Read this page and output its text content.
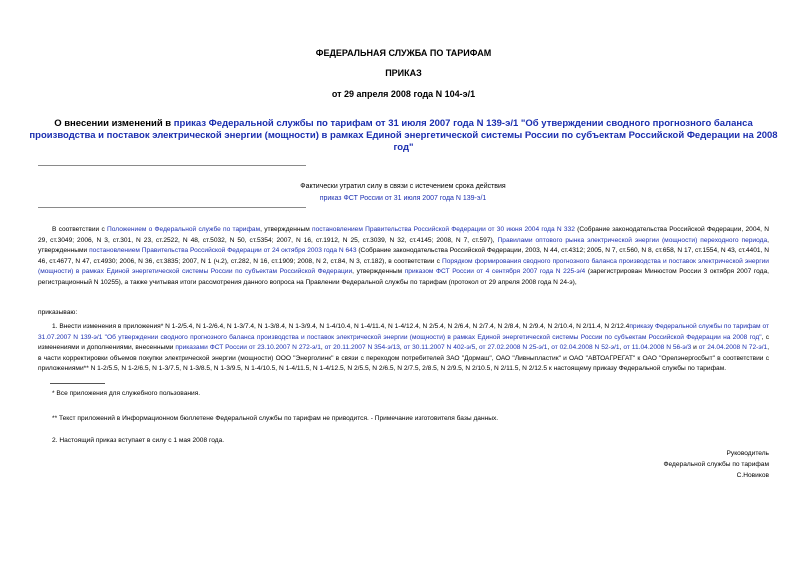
ФЕДЕРАЛЬНАЯ СЛУЖБА ПО ТАРИФАМ
ПРИКАЗ
от 29 апреля 2008 года N 104-э/1
О внесении изменений в приказ Федеральной службы по тарифам от 31 июля 2007 года N 139-э/1 "Об утверждении сводного прогнозного баланса производства и поставок электрической энергии (мощности) в рамках Единой энергетической системы России по субъектам Российской Федерации на 2008 год"
Фактически утратил силу в связи с истечением срока действия
приказ ФСТ России от 31 июля 2007 года N 139-э/1
В соответствии с Положением о Федеральной службе по тарифам, утвержденным постановлением Правительства Российской Федерации от 30 июня 2004 года N 332 (Собрание законодательства Российской Федерации, 2004, N 29, ст.3049; 2006, N 3, ст.301, N 23, ст.2522, N 48, ст.5032, N 50, ст.5354; 2007, N 16, ст.1912, N 25, ст.3039, N 32, ст.4145; 2008, N 7, ст.597), Правилами оптового рынка электрической энергии (мощности) переходного периода, утвержденными постановлением Правительства Российской Федерации от 24 октября 2003 года N 643 (Собрание законодательства Российской Федерации, 2003, N 44, ст.4312; 2005, N 7, ст.560, N 8, ст.658, N 17, ст.1554, N 43, ст.4401, N 46, ст.4677, N 47, ст.4930; 2006, N 36, ст.3835; 2007, N 1 (ч.2), ст.282, N 16, ст.1909; 2008, N 2, ст.84, N 3, ст.182), в соответствии с Порядком формирования сводного прогнозного баланса производства и поставок электрической энергии (мощности) в рамках Единой энергетической системы России по субъектам Российской Федерации, утвержденным приказом ФСТ России от 4 сентября 2007 года N 225-э/4 (зарегистрирован Минюстом России 3 октября 2007 года, регистрационный N 10255), а также учитывая итоги рассмотрения данного вопроса на Правлении Федеральной службы по тарифам (протокол от 29 апреля 2008 года N 24-э),
приказываю:
1. Внести изменения в приложения* N 1-2/5.4, N 1-2/6.4, N 1-3/7.4, N 1-3/8.4, N 1-3/9.4, N 1-4/10.4, N 1-4/11.4, N 1-4/12.4, N 2/5.4, N 2/6.4, N 2/7.4, N 2/8.4, N 2/9.4, N 2/10.4, N 2/11.4, N 2/12.4приказу Федеральной службы по тарифам от 31.07.2007 N 139-э/1 "Об утверждении сводного прогнозного баланса производства и поставок электрической энергии (мощности) в рамках Единой энергетической системы России по субъектам Российской Федерации на 2008 год", с изменениями и дополнениями, внесенными приказами ФСТ России от 23.10.2007 N 272-э/1, от 20.11.2007 N 354-э/13, от 30.11.2007 N 402-э/5, от 27.02.2008 N 25-э/1, от 02.04.2008 N 52-э/1, от 11.04.2008 N 56-э/3 и от 24.04.2008 N 72-э/1, в части корректировки объемов покупки электрической энергии (мощности) ООО "Энерголинк" в связи с переходом потребителей ЗАО "Дормаш", ОАО "Ливныпластик" и ОАО "АВТОАГРЕГАТ" к ОАО "Орелэнергосбыт" в соответствии с приложениями** N 1-2/5.5, N 1-2/6.5, N 1-3/7.5, N 1-3/8.5, N 1-3/9.5, N 1-4/10.5, N 1-4/11.5, N 1-4/12.5, N 2/5.5, N 2/6.5, N 2/7.5, 2/8.5, N 2/9.5, N 2/10.5, N 2/11.5, N 2/12.5 к настоящему приказу Федеральной службы по тарифам.
* Все приложения для служебного пользования.
** Текст приложений в Информационном бюллетене Федеральной службы по тарифам не приводится. - Примечание изготовителя базы данных.
2. Настоящий приказ вступает в силу с 1 мая 2008 года.
Руководитель
Федеральной службы по тарифам
С.Новиков
